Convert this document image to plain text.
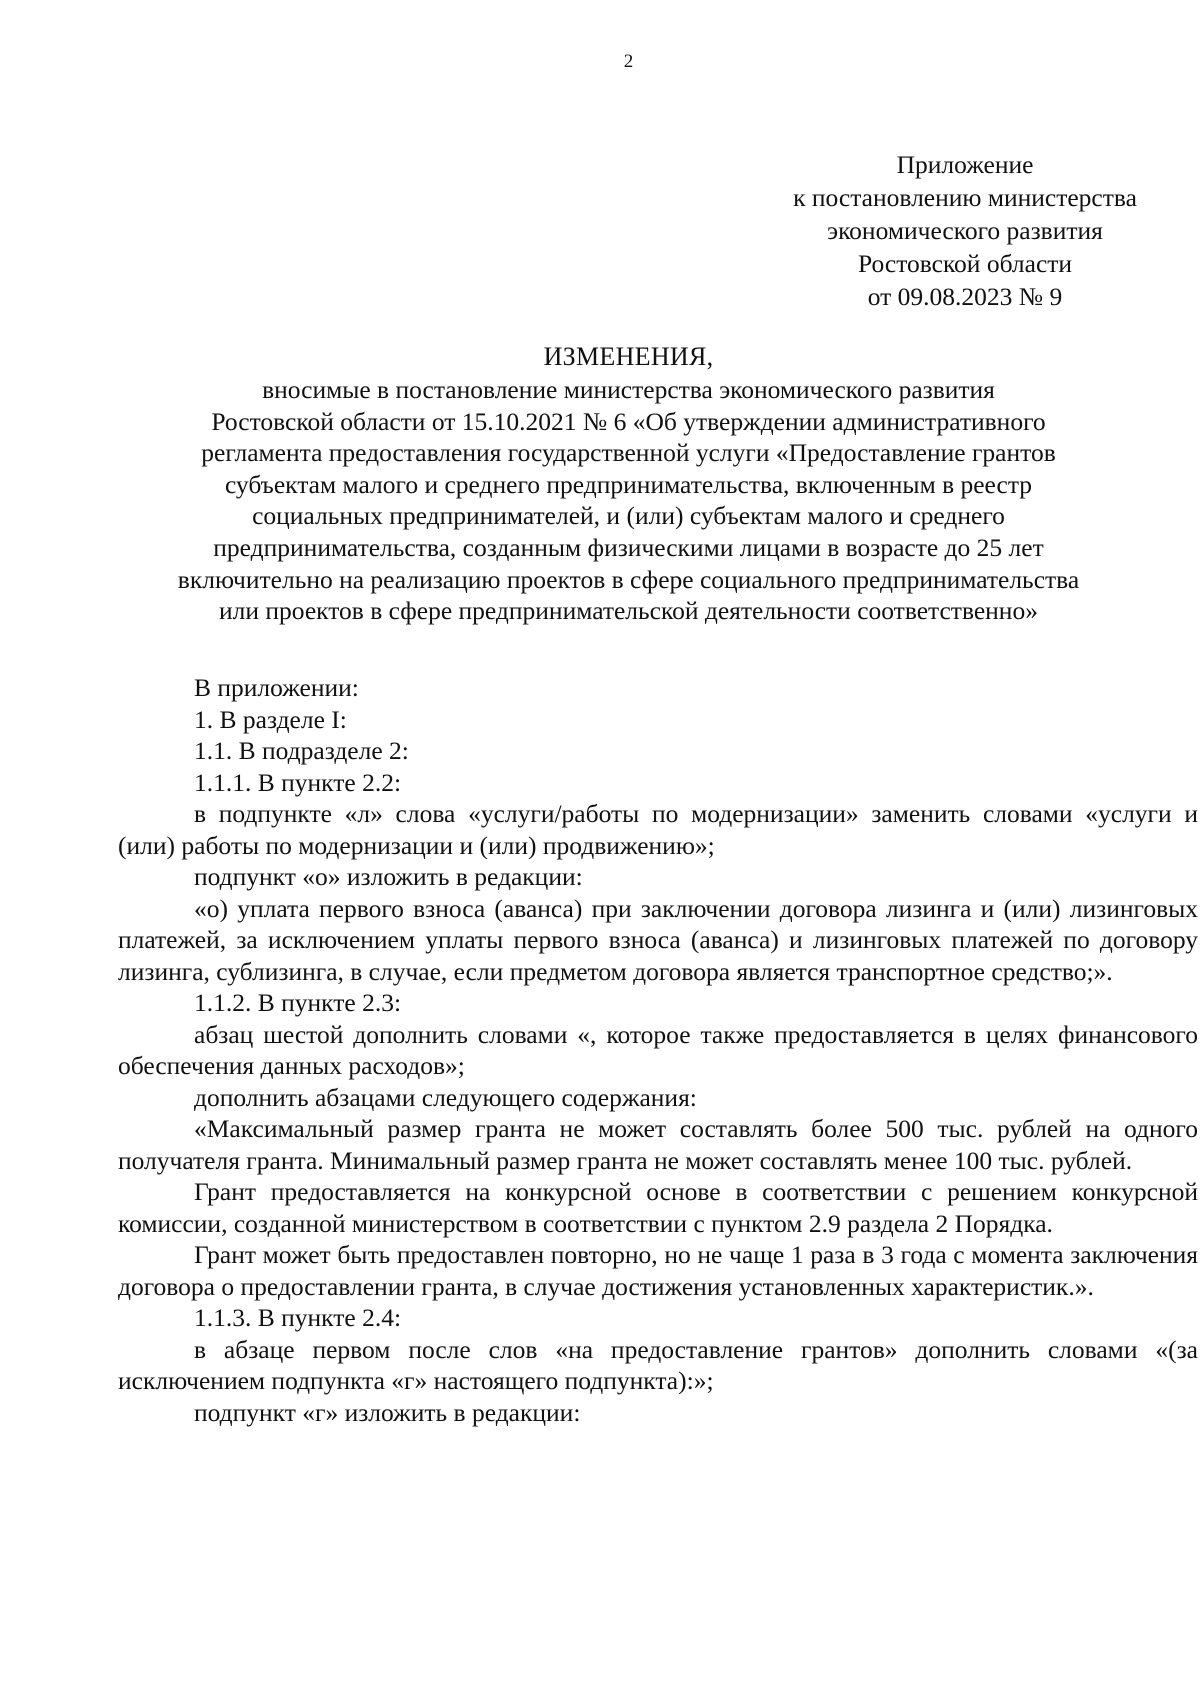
2
Приложение
к постановлению министерства
экономического развития
Ростовской области
от 09.08.2023 № 9
ИЗМЕНЕНИЯ,
вносимые в постановление министерства экономического развития
Ростовской области от 15.10.2021 № 6 «Об утверждении административного
регламента предоставления государственной услуги «Предоставление грантов
субъектам малого и среднего предпринимательства, включенным в реестр
социальных предпринимателей, и (или) субъектам малого и среднего
предпринимательства, созданным физическими лицами в возрасте до 25 лет
включительно на реализацию проектов в сфере социального предпринимательства
или проектов в сфере предпринимательской деятельности соответственно»

В приложении:

1. В разделе I:

1.1. В подразделе 2:

1.1.1. В пункте 2.2:

в подпункте «л» слова «услуги/работы по модернизации» заменить словами «услуги и (или) работы по модернизации и (или) продвижению»;

подпункт «о» изложить в редакции:

«о) уплата первого взноса (аванса) при заключении договора лизинга и (или) лизинговых платежей, за исключением уплаты первого взноса (аванса) и лизинговых платежей по договору лизинга, сублизинга, в случае, если предметом договора является транспортное средство;».

1.1.2. В пункте 2.3:

абзац шестой дополнить словами «, которое также предоставляется в целях финансового обеспечения данных расходов»;

дополнить абзацами следующего содержания:

«Максимальный размер гранта не может составлять более 500 тыс. рублей на одного получателя гранта. Минимальный размер гранта не может составлять менее 100 тыс. рублей.

Грант предоставляется на конкурсной основе в соответствии с решением конкурсной комиссии, созданной министерством в соответствии с пунктом 2.9 раздела 2 Порядка.

Грант может быть предоставлен повторно, но не чаще 1 раза в 3 года с момента заключения договора о предоставлении гранта, в случае достижения установленных характеристик.».

1.1.3. В пункте 2.4:

в абзаце первом после слов «на предоставление грантов» дополнить словами «(за исключением подпункта «г» настоящего подпункта):»;

подпункт «г» изложить в редакции:
